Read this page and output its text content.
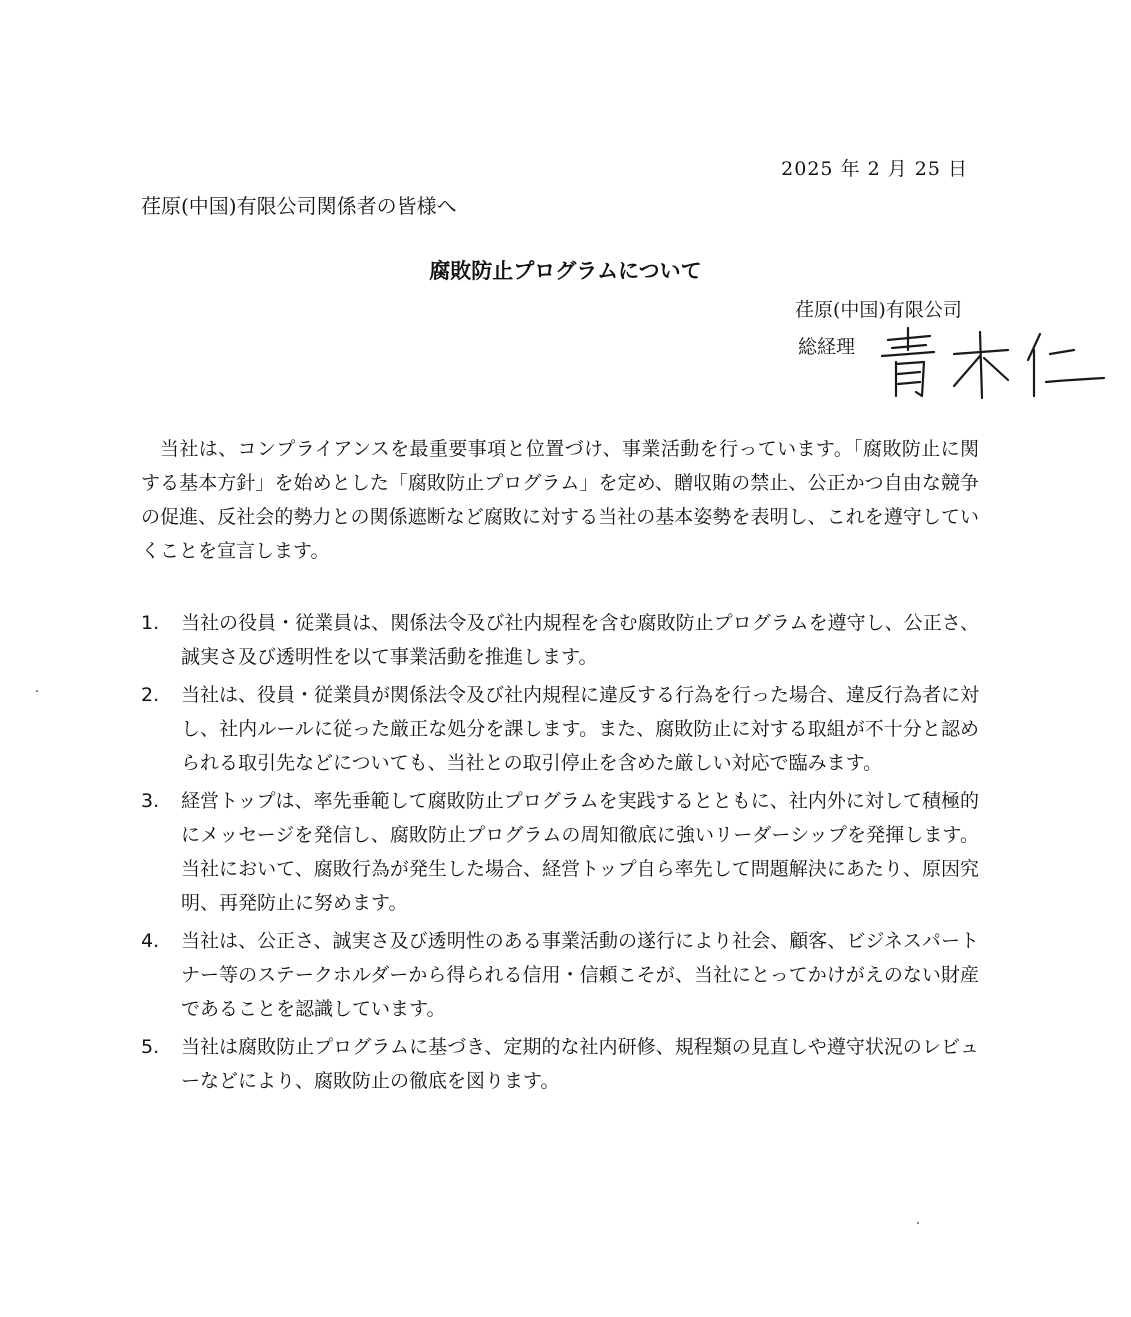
2025 年 2 月 25 日
荏原(中国)有限公司関係者の皆様へ
腐敗防止プログラムについて
荏原(中国)有限公司
総経理

当社は、コンプライアンスを最重要事項と位置づけ、事業活動を行っています。「腐敗防止に関する基本方針」を始めとした「腐敗防止プログラム」を定め、贈収賄の禁止、公正かつ自由な競争の促進、反社会的勢力との関係遮断など腐敗に対する当社の基本姿勢を表明し、これを遵守していくことを宣言します。

1. 当社の役員・従業員は、関係法令及び社内規程を含む腐敗防止プログラムを遵守し、公正さ、誠実さ及び透明性を以て事業活動を推進します。
2. 当社は、役員・従業員が関係法令及び社内規程に違反する行為を行った場合、違反行為者に対し、社内ルールに従った厳正な処分を課します。また、腐敗防止に対する取組が不十分と認められる取引先などについても、当社との取引停止を含めた厳しい対応で臨みます。
3. 経営トップは、率先垂範して腐敗防止プログラムを実践するとともに、社内外に対して積極的にメッセージを発信し、腐敗防止プログラムの周知徹底に強いリーダーシップを発揮します。当社において、腐敗行為が発生した場合、経営トップ自ら率先して問題解決にあたり、原因究明、再発防止に努めます。
4. 当社は、公正さ、誠実さ及び透明性のある事業活動の遂行により社会、顧客、ビジネスパートナー等のステークホルダーから得られる信用・信頼こそが、当社にとってかけがえのない財産であることを認識しています。
5. 当社は腐敗防止プログラムに基づき、定期的な社内研修、規程類の見直しや遵守状況のレビューなどにより、腐敗防止の徹底を図ります。
